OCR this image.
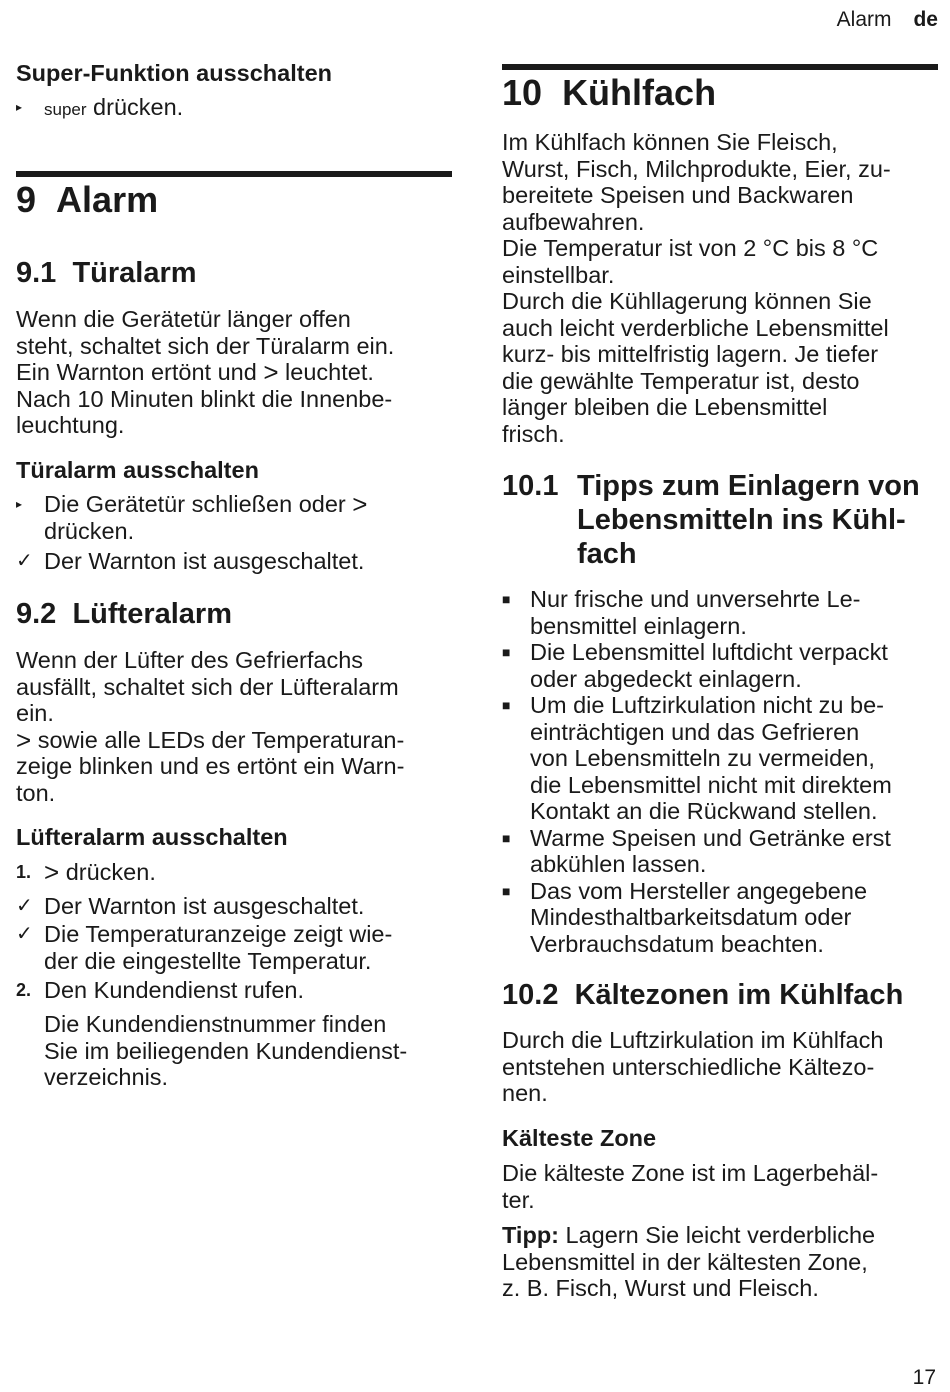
Alarm de
Super-Funktion ausschalten
▸	super drücken.
9 Alarm
9.1 Türalarm

Wenn die Gerätetür länger offen

steht, schaltet sich der Türalarm ein.

Ein Warnton ertönt und > leuchtet.

Nach 10 Minuten blinkt die Innenbe-

leuchtung.

Türalarm ausschalten
▸ Die Gerätetür schließen oder >

drücken.

✓ Der Warnton ist ausgeschaltet.
9.2 Lüfteralarm

Wenn der Lüfter des Gefrierfachs

ausfällt, schaltet sich der Lüfteralarm

ein.

> sowie alle LEDs der Temperaturan-

zeige blinken und es ertönt ein Warn-

ton.

Lüfteralarm ausschalten
1. > drücken.
✓ Der Warnton ist ausgeschaltet.
✓ Die Temperaturanzeige zeigt wie-

der die eingestellte Temperatur.

2. Den Kundendienst rufen.

Die Kundendienstnummer finden

Sie im beiliegenden Kundendienst-

verzeichnis.

10 Kühlfach

Im Kühlfach können Sie Fleisch,

Wurst, Fisch, Milchprodukte, Eier, zu-

bereitete Speisen und Backwaren

aufbewahren.

Die Temperatur ist von 2 °C bis 8 °C

einstellbar.

Durch die Kühllagerung können Sie

auch leicht verderbliche Lebensmittel

kurz- bis mittelfristig lagern. Je tiefer

die gewählte Temperatur ist, desto

länger bleiben die Lebensmittel

frisch.

10.1 Tipps zum Einlagern von
Lebensmitteln ins Kühl-
fach
■ Nur frische und unversehrte Le-

bensmittel einlagern.

■ Die Lebensmittel luftdicht verpackt

oder abgedeckt einlagern.

■ Um die Luftzirkulation nicht zu be-

einträchtigen und das Gefrieren

von Lebensmitteln zu vermeiden,

die Lebensmittel nicht mit direktem

Kontakt an die Rückwand stellen.

■ Warme Speisen und Getränke erst

abkühlen lassen.

■ Das vom Hersteller angegebene

Mindesthaltbarkeitsdatum oder

Verbrauchsdatum beachten.

10.2 Kältezonen im Kühlfach

Durch die Luftzirkulation im Kühlfach

entstehen unterschiedliche Kältezo-

nen.

Kälteste Zone

Die kälteste Zone ist im Lagerbehäl-

ter.

Tipp: Lagern Sie leicht verderbliche

Lebensmittel in der kältesten Zone,

z. B. Fisch, Wurst und Fleisch.

17
